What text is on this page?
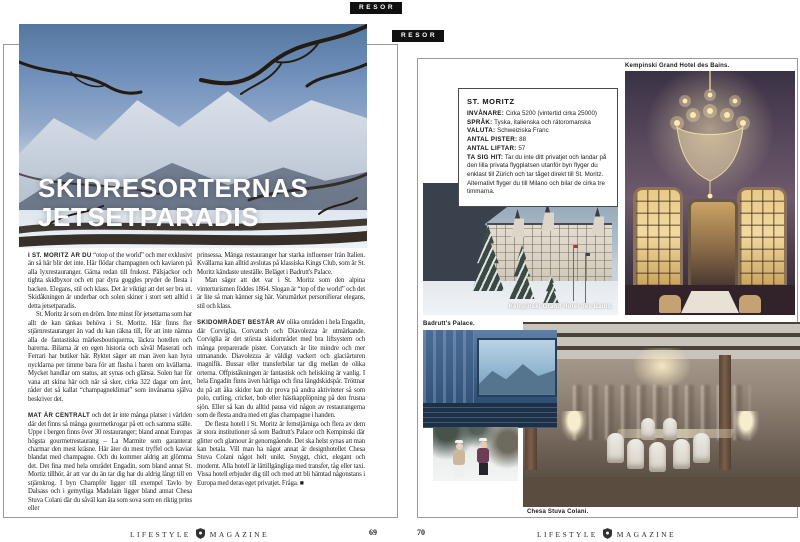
RESOR
SKIDRESORTERNAS
JETSETPARADIS

I ST. MORITZ ÄR DU “otop of the world” och mer exklusivt än så här blir det inte. Här flödar champagnen och kaviaren på alla lyxrestauranger. Gärna redan till frukost. Pälsjackor och tighta skidbyxor och ett par dyra goggles pryder de flesta i backen. Elegans, stil och klass. Det är viktigt att det ser bra ut. Skidåkningen är underbar och solen skiner i stort sett alltid i detta jetsetparadis.

St. Moritz är som en dröm. Inte minst för jetsettarna som har allt de kan tänkas behöva i St. Moritz. Här finns fler stjärnrestauranger än vad du kan räkna till, för att inte nämna alla de fantastiska märkesboutiquerna, läckra hotellen och barerna. Bilarna är en egen historia och såväl Maserati och Ferrari har butiker här. Ryktet säger att man även kan hyra nycklarna per timme bara för att flasha i baren om kvällarna. Mycket handlar om status, att synas och glänsa. Solen har för vana att skina här och när så sker, cirka 322 dagar om året, råder det så kallat “champagneklimat” som invånarna själva beskriver det.

MAT ÄR CENTRALT och det är inte många platser i världen där det finns så många gourmetkrogar på ett och samma ställe. Uppe i bergen finns över 30 restauranger; bland annat Europas högsta gourmetrestaurang – La Marmite som garanterat charmar den mest kräsne. Här äter du mest tryffel och kaviar blandat med champagne. Och du kommer aldrig att glömma det. Det fina med hela området Engadin, som bland annat St. Mortiz tillhör, är att var du än tar dig har du aldrig långt till en stjärnkrog. I byn Champfèr ligger till exempel Tavlo by Dalsass och i gemytliga Madulain ligger bland annat Chesa Stuva Colani där du såväl kan äta som sova som en riktig prins eller

prinsessa. Många restauranger har starka influenser från Italien. Kvällarna kan alltid avslutas på klassiska Kings Club, som är St. Moritz kändaste uteställe. Beläget i Badrutt's Palace.

Man säger att det var i St. Moritz som den alpina vinterturismen föddes 1864. Slogan är “top of the world” och det är lite så man känner sig här. Varumärket personifierar elegans, stil och klass.

SKIDOMRÅDET BESTÅR AV olika områden i hela Engadin, där Corviglia, Corvatsch och Diavolezza är utmärkande. Corviglia är det största skidområdet med bra liftsystem och många preparerade pister. Corvatsch är lite mindre och mer utmanande. Diavolezza är väldigt vackert och glaciärturen magnifik. Bussar eller transferbilar tar dig mellan de olika orterna. Offpiståkningen är fantastisk och heliskiing är vanlig. I hela Engadin finns även härliga och fina längdskidspår. Tröttnar du på att åka skidor kan du prova på andra aktiviteter så som polo, curling, cricket, bob eller hästkapplöpning på den frusna sjön. Eller så kan du alltid pausa vid någon av restaurangerna som de flesta andra med ett glas champagne i handen.

De flesta hotell i St. Moritz är femstjärniga och flera av dem är stora institutioner så som Badrutt's Palace och Kempinski där glitter och glamour är genomgående. Det ska helst synas att man kan betala. Vill man ha något annat är designhotellet Chesa Stuva Colani något helt unikt. Snyggt, chict, elegant och modernt. Alla hotell är lättillgängliga med transfer, tåg eller taxi. Vissa hotell erbjuder dig till och med att bli hämtad någonstans i Europa med deras eget privatjet. Fråga. ■

LIFESTYLE	MAGAZINE	69
RESOR
Kempinski Grand Hotel des Bains.
ST. MORITZ
INVÅNARE: Cirka 5200 (vintertid cirka 25000)
SPRÅK: Tyska, italienska och rätoromanska
VALUTA: Schweiziska Franc
ANTAL PISTER: 88
ANTAL LIFTAR: 57
TA SIG HIT: Tar du inte ditt privatjet och landar på den lilla privata flygplatsen utanför byn flyger du enklast till Zürich och tar tåget direkt till St. Moritz. Alternativt flyger du till Milano och bilar de cirka tre timmarna.
Kempinski Grand Hotel des Bains.
Badrutt's Palace.
Chesa Stuva Colani.
70	LIFESTYLE	MAGAZINE
